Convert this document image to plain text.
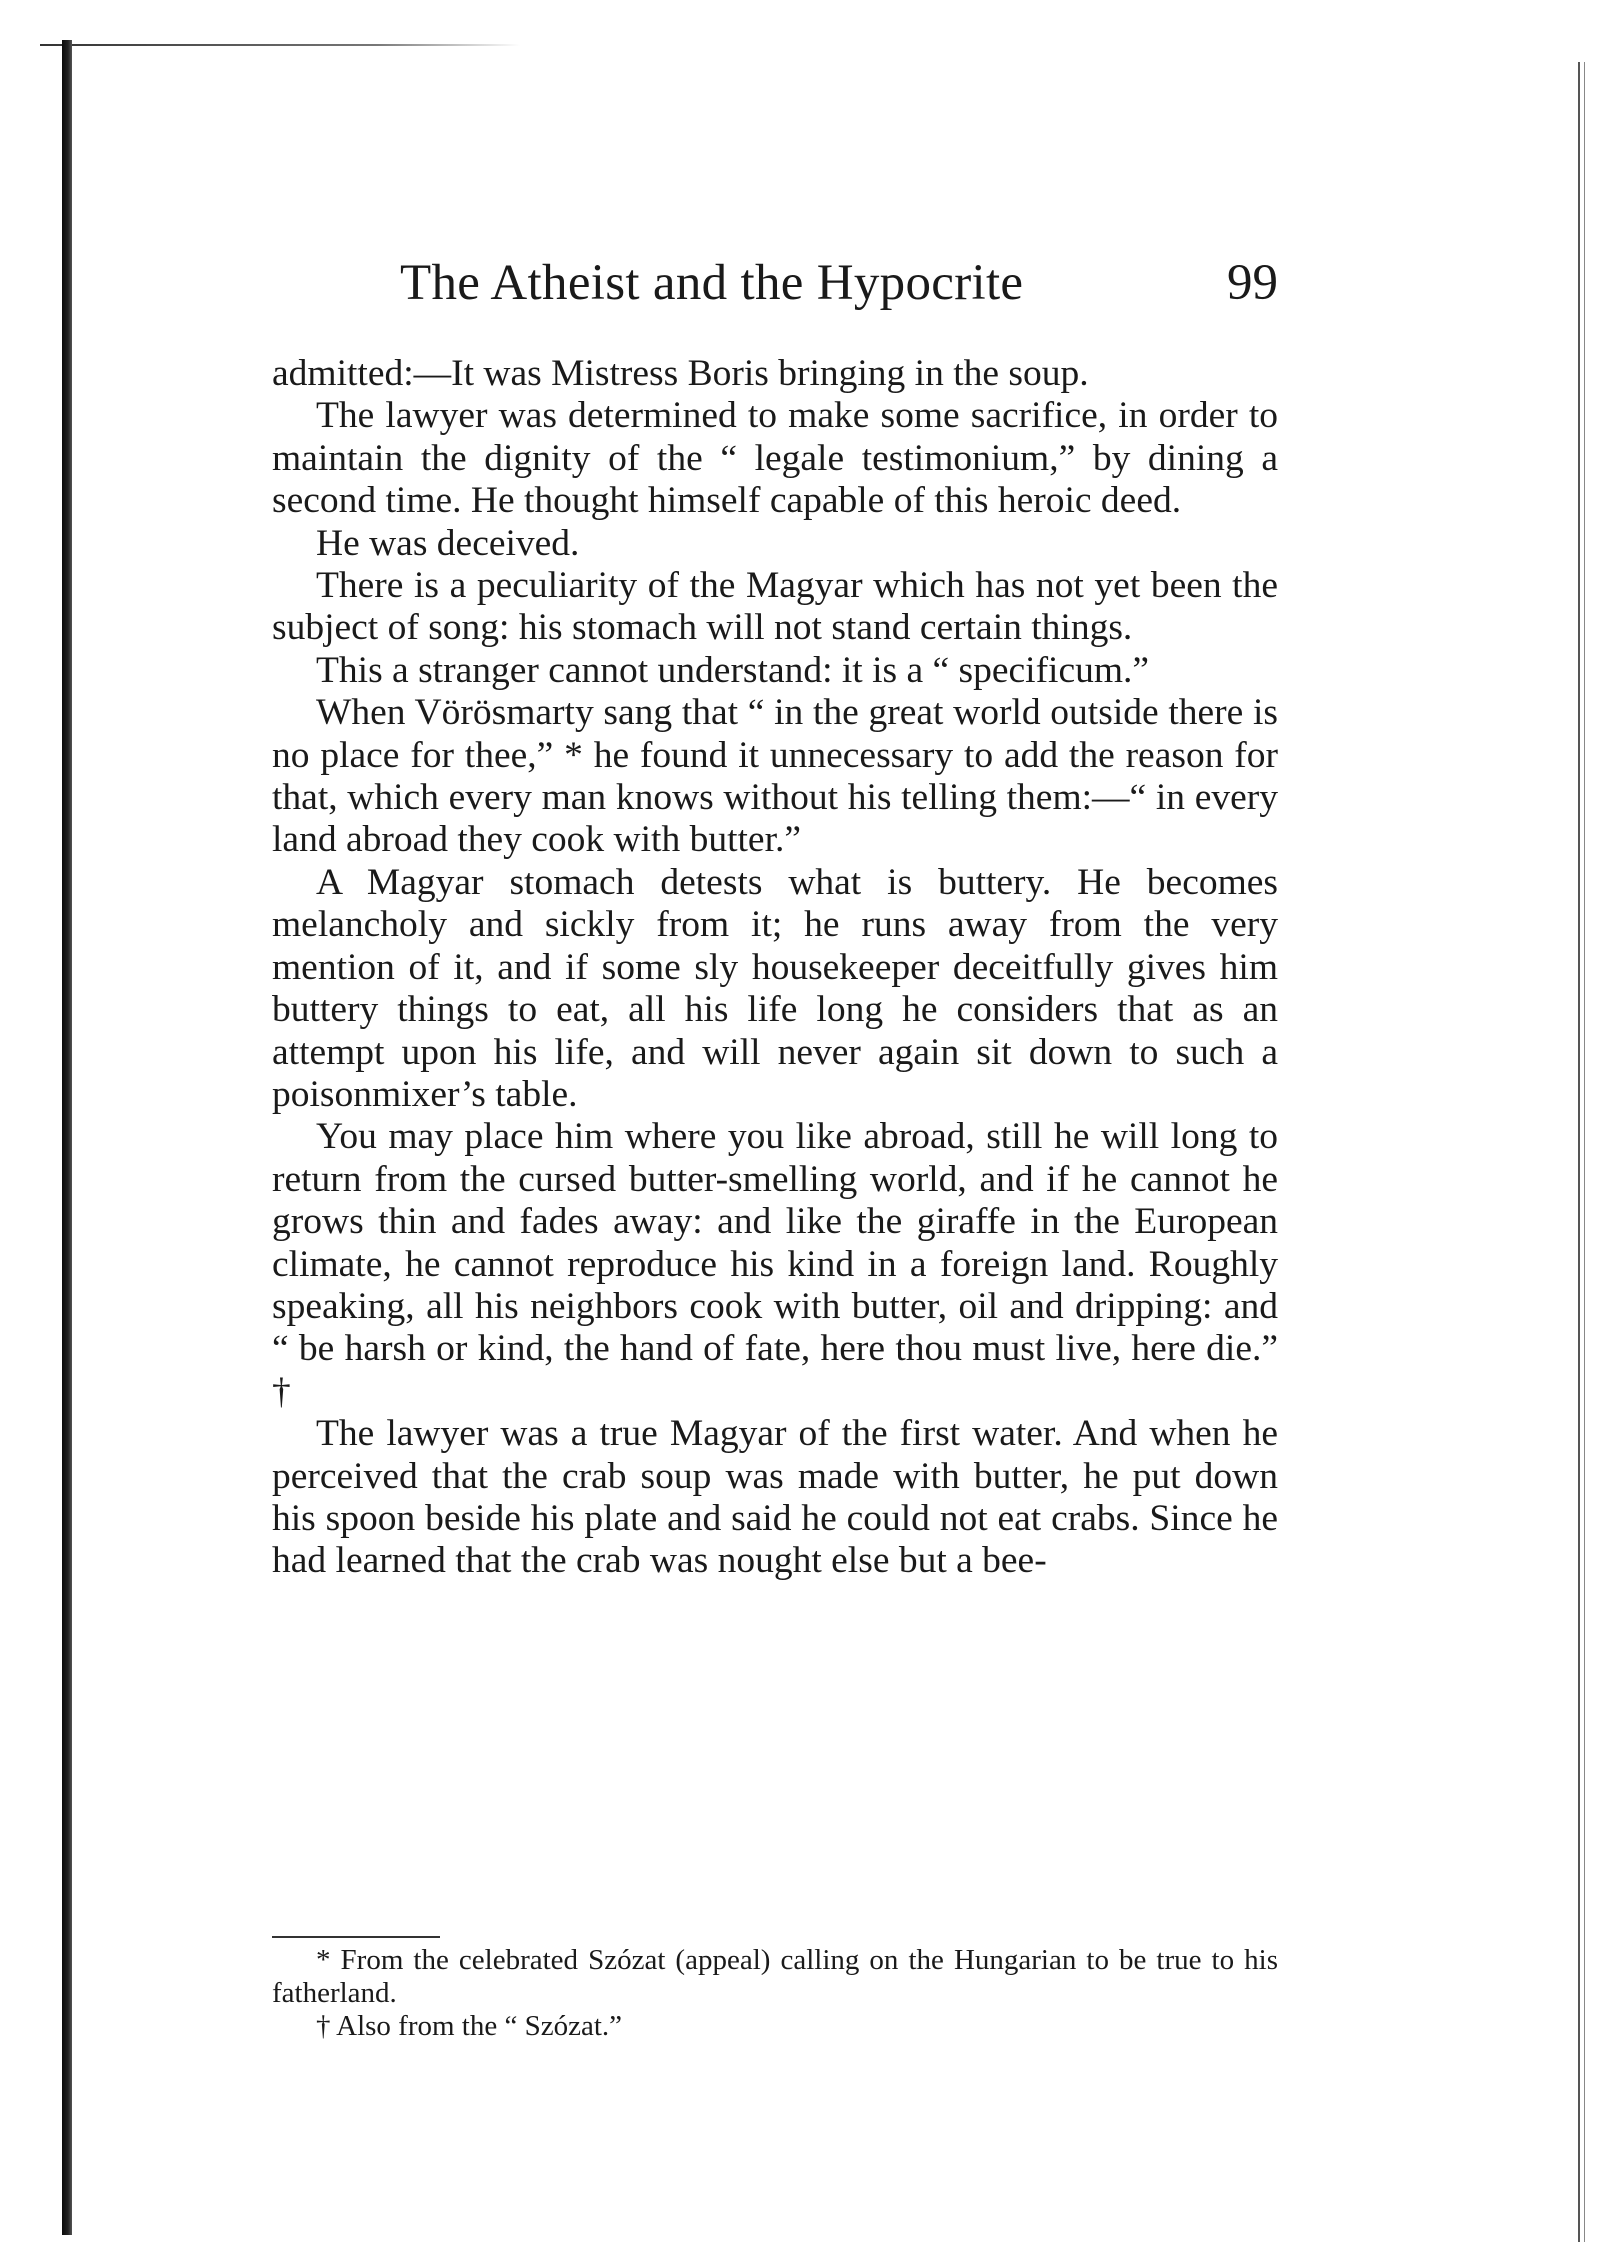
The Atheist and the Hypocrite	99

admitted:—It was Mistress Boris bringing in the soup.

The lawyer was determined to make some sacrifice, in order to maintain the dignity of the “ legale testimonium,” by dining a second time. He thought himself capable of this heroic deed.

He was deceived.

There is a peculiarity of the Magyar which has not yet been the subject of song: his stomach will not stand certain things.

This a stranger cannot understand: it is a “ specificum.”

When Vörösmarty sang that “ in the great world outside there is no place for thee,” * he found it unnecessary to add the reason for that, which every man knows without his telling them:—“ in every land abroad they cook with butter.”

A Magyar stomach detests what is buttery. He becomes melancholy and sickly from it; he runs away from the very mention of it, and if some sly housekeeper deceitfully gives him buttery things to eat, all his life long he considers that as an attempt upon his life, and will never again sit down to such a poisonmixer’s table.

You may place him where you like abroad, still he will long to return from the cursed butter-smelling world, and if he cannot he grows thin and fades away: and like the giraffe in the European climate, he cannot reproduce his kind in a foreign land. Roughly speaking, all his neighbors cook with butter, oil and dripping: and “ be harsh or kind, the hand of fate, here thou must live, here die.” †

The lawyer was a true Magyar of the first water. And when he perceived that the crab soup was made with butter, he put down his spoon beside his plate and said he could not eat crabs. Since he had learned that the crab was nought else but a bee-

* From the celebrated Szózat (appeal) calling on the Hungarian to be true to his fatherland.

† Also from the “ Szózat.”
